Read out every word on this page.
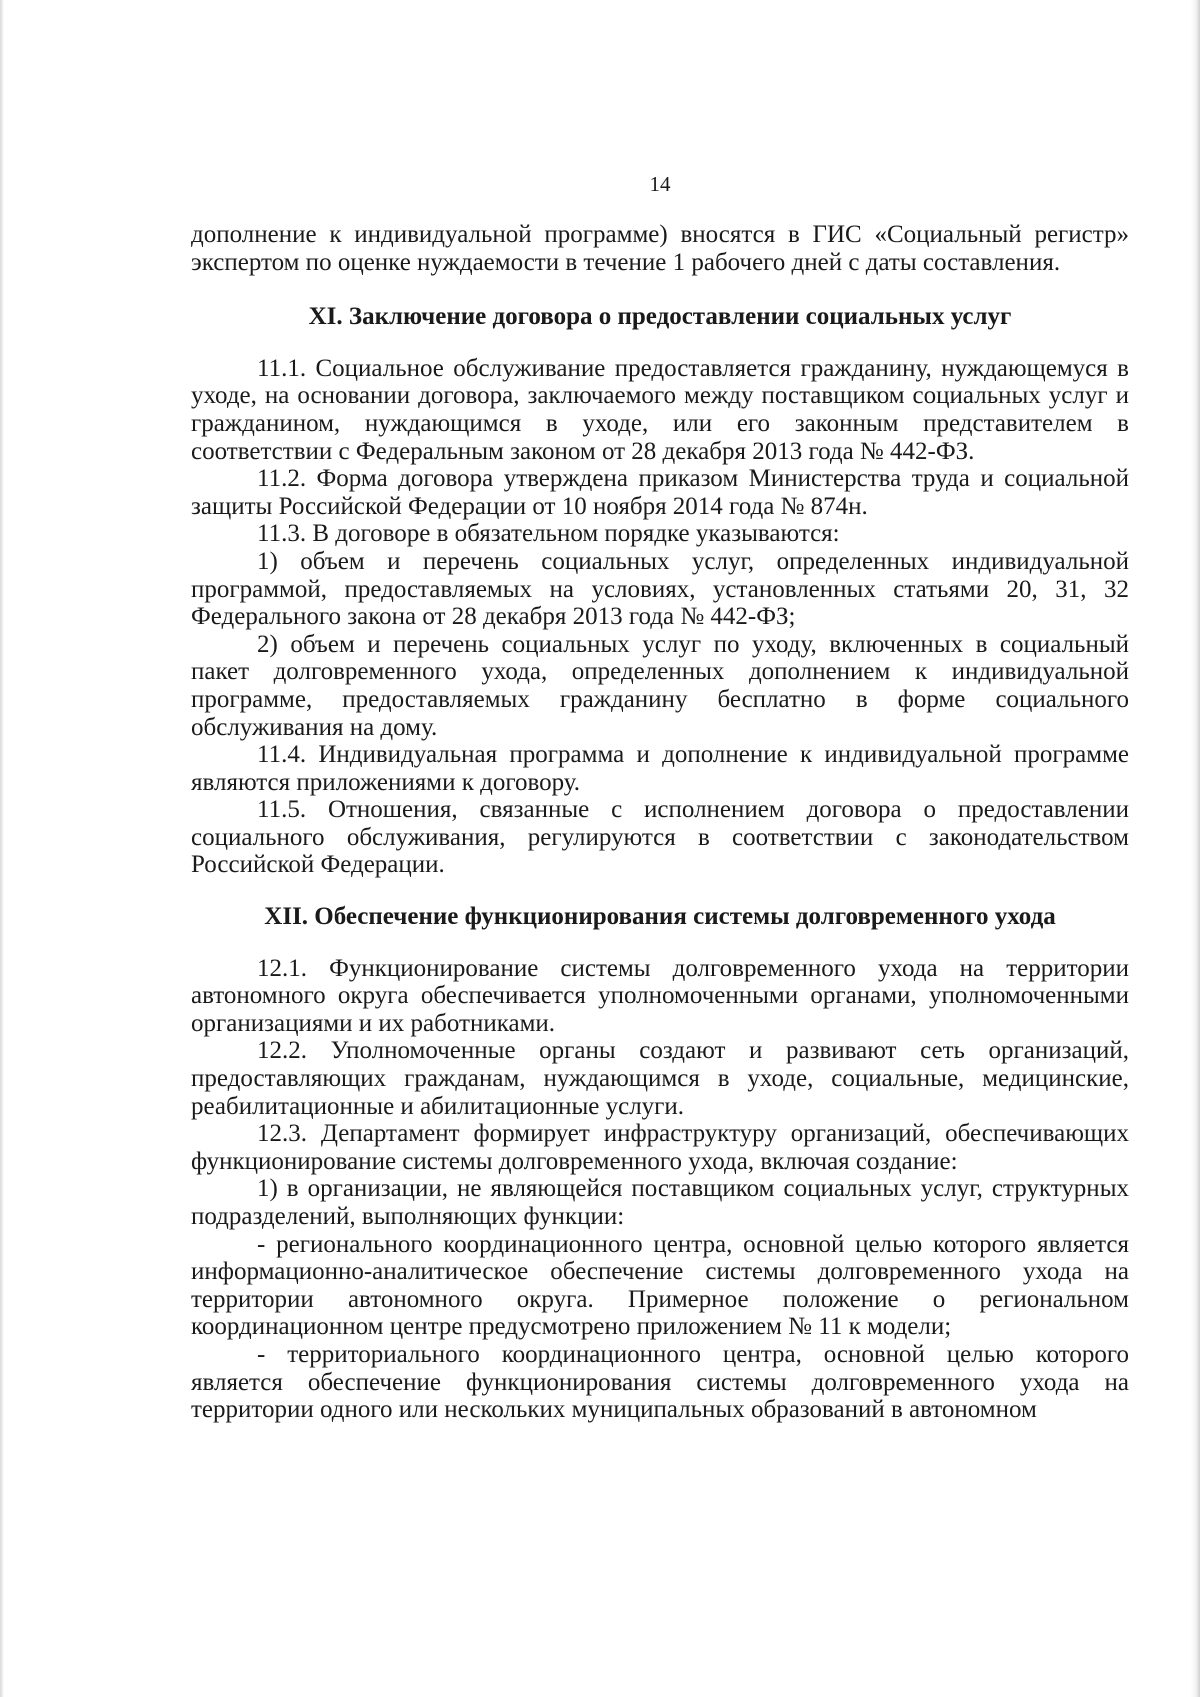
14

дополнение к индивидуальной программе) вносятся в ГИС «Социальный регистр» экспертом по оценке нуждаемости в течение 1 рабочего дней с даты составления.

XI. Заключение договора о предоставлении социальных услуг

11.1. Социальное обслуживание предоставляется гражданину, нуждающемуся в уходе, на основании договора, заключаемого между поставщиком социальных услуг и гражданином, нуждающимся в уходе, или его законным представителем в соответствии с Федеральным законом от 28 декабря 2013 года № 442-ФЗ.

11.2. Форма договора утверждена приказом Министерства труда и социальной защиты Российской Федерации от 10 ноября 2014 года № 874н.

11.3. В договоре в обязательном порядке указываются:

1) объем и перечень социальных услуг, определенных индивидуальной программой, предоставляемых на условиях, установленных статьями 20, 31, 32 Федерального закона от 28 декабря 2013 года № 442-ФЗ;

2) объем и перечень социальных услуг по уходу, включенных в социальный пакет долговременного ухода, определенных дополнением к индивидуальной программе, предоставляемых гражданину бесплатно в форме социального обслуживания на дому.

11.4. Индивидуальная программа и дополнение к индивидуальной программе являются приложениями к договору.

11.5. Отношения, связанные с исполнением договора о предоставлении социального обслуживания, регулируются в соответствии с законодательством Российской Федерации.

XII. Обеспечение функционирования системы долговременного ухода

12.1. Функционирование системы долговременного ухода на территории автономного округа обеспечивается уполномоченными органами, уполномоченными организациями и их работниками.

12.2. Уполномоченные органы создают и развивают сеть организаций, предоставляющих гражданам, нуждающимся в уходе, социальные, медицинские, реабилитационные и абилитационные услуги.

12.3. Департамент формирует инфраструктуру организаций, обеспечивающих функционирование системы долговременного ухода, включая создание:

1) в организации, не являющейся поставщиком социальных услуг, структурных подразделений, выполняющих функции:

- регионального координационного центра, основной целью которого является информационно-аналитическое обеспечение системы долговременного ухода на территории автономного округа. Примерное положение о региональном координационном центре предусмотрено приложением № 11 к модели;

- территориального координационного центра, основной целью которого является обеспечение функционирования системы долговременного ухода на территории одного или нескольких муниципальных образований в автономном
